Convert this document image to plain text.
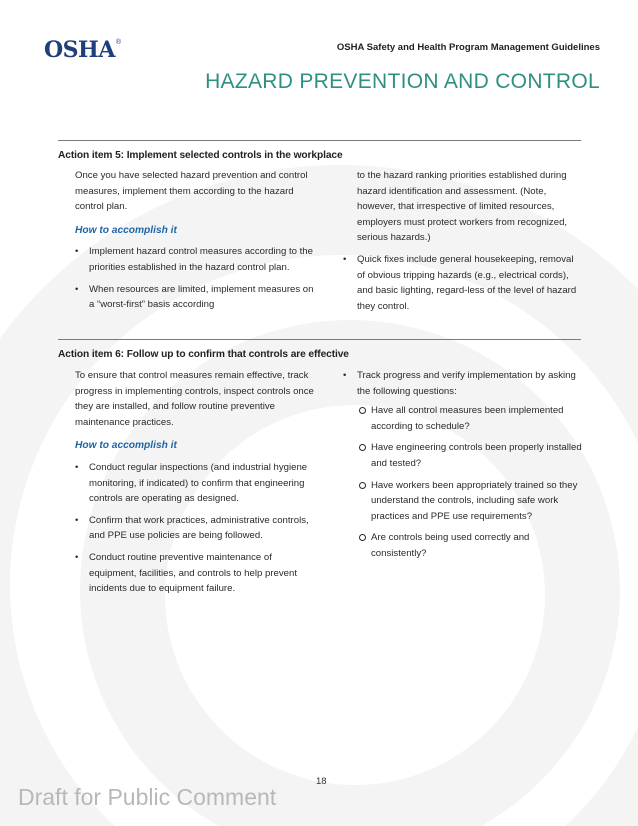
OSHA ®	OSHA Safety and Health Program Management Guidelines
HAZARD PREVENTION AND CONTROL
Action item 5: Implement selected controls in the workplace

Once you have selected hazard prevention and control measures, implement them according to the hazard control plan.

How to accomplish it

•	Implement hazard control measures according to the priorities established in the hazard control plan.
•	When resources are limited, implement measures on a “worst-first” basis according

to the hazard ranking priorities established during hazard identification and assessment. (Note, however, that irrespective of limited resources, employers must protect workers from recognized, serious hazards.)

•	Quick fixes include general housekeeping, removal of obvious tripping hazards (e.g., electrical cords), and basic lighting, regard-less of the level of hazard they control.
Action item 6: Follow up to confirm that controls are effective

To ensure that control measures remain effective, track progress in implementing controls, inspect controls once they are installed, and follow routine preventive maintenance practices.

How to accomplish it

•	Conduct regular inspections (and industrial hygiene monitoring, if indicated) to confirm that engineering controls are operating as designed.
•	Confirm that work practices, administrative controls, and PPE use policies are being followed.
•	Conduct routine preventive maintenance of equipment, facilities, and controls to help prevent incidents due to equipment failure.
•	Track progress and verify implementation by asking the following questions:
Have all control measures been implemented according to schedule?
Have engineering controls been properly installed and tested?
Have workers been appropriately trained so they understand the controls, including safe work practices and PPE use requirements?
Are controls being used correctly and consistently?
18
Draft for Public Comment
